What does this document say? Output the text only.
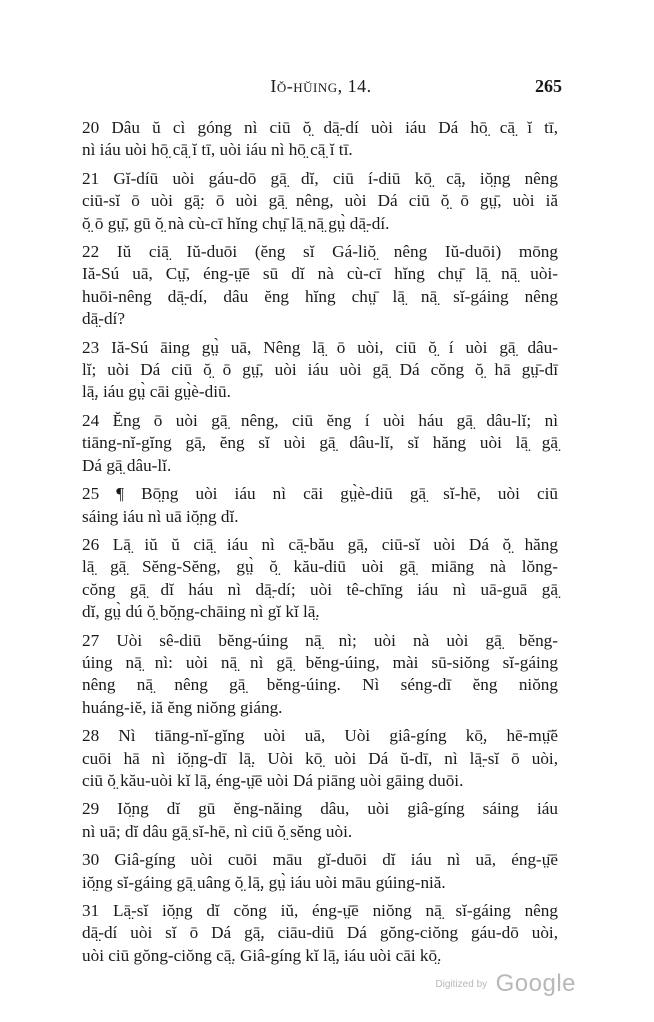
Iŏ-hŭing, 14.	265

20 Dâu ŭ cì góng nì ciū ŏ̤ dā̤-dí uòi iáu Dá hō̤ cā̤ ĭ tī,
nì iáu uòi hō̤ cā̤ ĭ tī, uòi iáu nì hō̤ cā̤ ĭ tī.

21 Gĭ-díū uòi gáu-dō gā̤ dĭ, ciū í-diū kō̤ cā̤, iŏ̤ng nêng
ciū-sĭ ō uòi gā̤: ō uòi gā̤ nêng, uòi Dá ciū ŏ̤ ō gṳ̄, uòi iă
ŏ̤ ō gṳ̄, gū ŏ̤ nà cù-cī hĭng chṳ̄ lā̤ nā̤ gṳ̀ dā̤-dí.

22 Iŭ ciā̤ Iŭ-duōi (ĕng sĭ Gá-liŏ̤ nêng Iŭ-duōi) mōng
Iă-Sú uā, Cṳ̄, éng-ṳ̄ē sū dĭ nà cù-cī hĭng chṳ̄ lā̤ nā̤ uòi-
huōi-nêng dā̤-dí, dâu ĕng hĭng chṳ̄ lā̤ nā̤ sĭ-gáing nêng
dā̤-dí?

23 Iă-Sú āing gṳ̀ uā, Nêng lā̤ ō uòi, ciū ŏ̤ í uòi gā̤ dâu-
lĭ; uòi Dá ciū ŏ̤ ō gṳ̄, uòi iáu uòi gā̤ Dá cŏng ŏ̤ hā gṳ̄-dī
lā̤, iáu gṳ̀ cāi gṳ̀è-diū.

24 Ĕng ō uòi gā̤ nêng, ciū ĕng í uòi háu gā̤ dâu-lĭ; nì
tiāng-nĭ-gĭng gā̤, ĕng sĭ uòi gā̤ dâu-lĭ, sĭ hăng uòi lā̤ gā̤
Dá gā̤ dâu-lĭ.

25 ¶ Bō̤ng uòi iáu nì cāi gṳ̀è-diū gā̤ sĭ-hē, uòi ciū
sáing iáu nì uā iŏ̤ng dĭ.

26 Lā̤ iŭ ŭ ciā̤ iáu nì cā̤-bău gā̤, ciū-sĭ uòi Dá ŏ̤ hăng
lā̤ gā̤ Sĕng-Sĕng, gṳ̀ ŏ̤ kău-diū uòi gā̤ miāng nà lŏng-
cŏng gā̤ dĭ háu nì dā̤-dí; uòi tê-chīng iáu nì uā-guā gā̤
dĭ, gṳ̀ dú ŏ̤ bŏ̤ng-chāing nì gĭ kĭ lā̤.

27 Uòi sê-diū bĕng-úing nā̤ nì; uòi nà uòi gā̤ bĕng-
úing nā̤ nì: uòi nā̤ nì gā̤ bĕng-úing, mài sū-siŏng sĭ-gáing
nêng nā̤ nêng gā̤ bĕng-úing. Nì séng-dī ĕng niŏng
huáng-iĕ, iă ĕng niŏng giáng.

28 Nì tiāng-nĭ-gĭng uòi uā, Uòi giâ-gíng kō̤, hē-mṳ̄ĕ
cuōi hā nì iŏ̤ng-dī lā̤. Uòi kō̤ uòi Dá ŭ-dī, nì lā̤-sĭ ō uòi,
ciū ŏ̤ kău-uòi kĭ lā̤, éng-ṳ̄ē uòi Dá piāng uòi gāing duōi.

29 Iŏ̤ng dĭ gū ĕng-năing dâu, uòi giâ-gíng sáing iáu
nì uā; dĭ dâu gā̤ sĭ-hē, nì ciū ŏ̤ sĕng uòi.

30 Giâ-gíng uòi cuōi māu gĭ-duōi dĭ iáu nì uā, éng-ṳ̄ē
iŏ̤ng sĭ-gáing gā̤ uâng ŏ̤ lā̤, gṳ̀ iáu uòi māu gúing-niă.

31 Lā̤-sĭ iŏ̤ng dĭ cŏng iŭ, éng-ṳ̄ē niŏng nā̤ sĭ-gáing nêng
dā̤-dí uòi sĭ ō Dá gā̤, ciāu-diū Dá gŏng-ciŏng gáu-dō uòi,
uòi ciū gŏng-ciŏng cā̤. Giâ-gíng kĭ lā̤, iáu uòi cāi kō̤.

Digitized by Google
